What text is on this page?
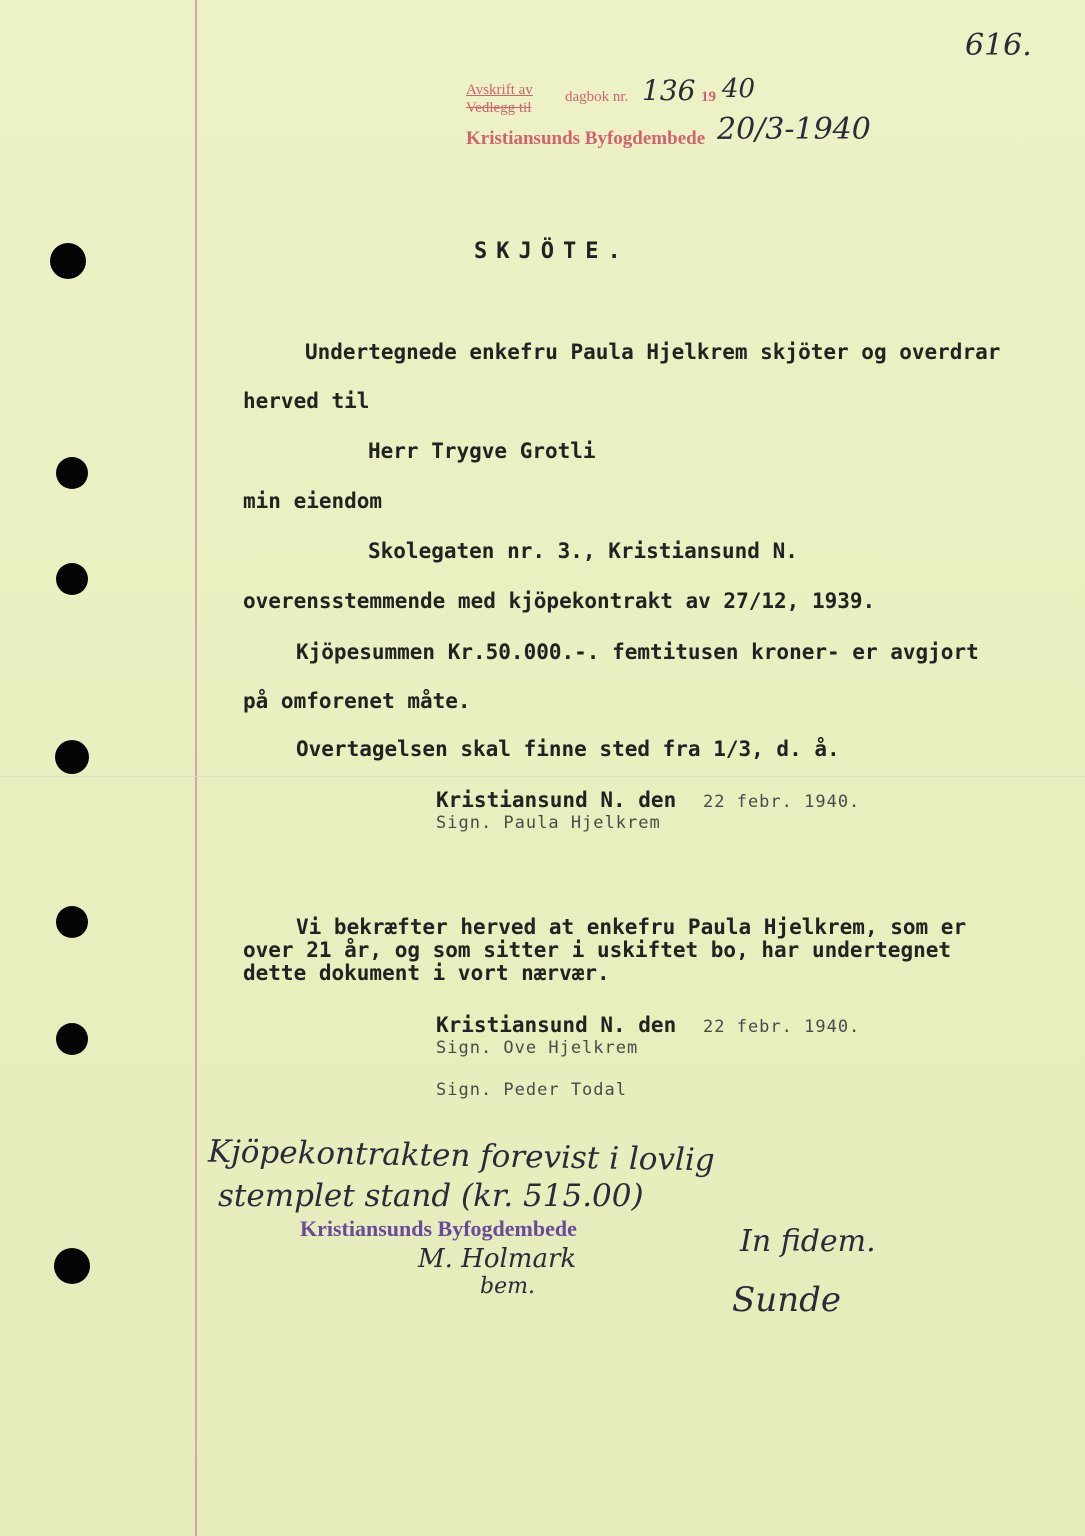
616.
Avskrift av
Vedlegg til
dagbok nr. 136 19 40
Kristiansunds Byfogdembede 20/3-1940
SKJÖTE.
Undertegnede enkefru Paula Hjelkrem skjöter og overdrar
herved til
Herr Trygve Grotli
min eiendom
Skolegaten nr. 3., Kristiansund N.
overensstemmende med kjöpekontrakt av 27/12, 1939.
Kjöpesummen Kr.50.000.-. femtitusen kroner- er avgjort
på omforenet måte.
Overtagelsen skal finne sted fra 1/3, d. å.
Kristiansund N. den 22 febr. 1940.
Sign. Paula Hjelkrem
Vi bekræfter herved at enkefru Paula Hjelkrem, som er
over 21 år, og som sitter i uskiftet bo, har undertegnet
dette dokument i vort nærvær.
Kristiansund N. den 22 febr. 1940.
Sign. Ove Hjelkrem
Sign. Peder Todal
Kjöpekontrakten forevist i lovlig
stemplet stand (kr. 515.00)
Kristiansunds Byfogdembede
M. Holmark
bem.
In fidem.
Sunde
